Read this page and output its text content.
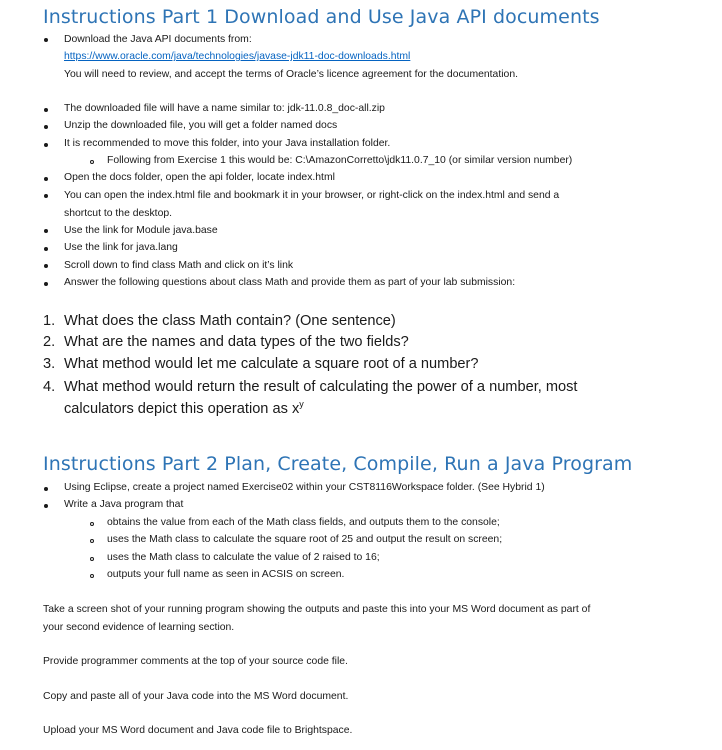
Instructions Part 1 Download and Use Java API documents
Download the Java API documents from:
https://www.oracle.com/java/technologies/javase-jdk11-doc-downloads.html
You will need to review, and accept the terms of Oracle’s licence agreement for the documentation.
The downloaded file will have a name similar to: jdk-11.0.8_doc-all.zip
Unzip the downloaded file, you will get a folder named docs
It is recommended to move this folder, into your Java installation folder.
Following from Exercise 1 this would be: C:\AmazonCorretto\jdk11.0.7_10 (or similar version number)
Open the docs folder, open the api folder, locate index.html
You can open the index.html file and bookmark it in your browser, or right-click on the index.html and send a
shortcut to the desktop.
Use the link for Module java.base
Use the link for java.lang
Scroll down to find class Math and click on it’s link
Answer the following questions about class Math and provide them as part of your lab submission:
1. What does the class Math contain? (One sentence)
2. What are the names and data types of the two fields?
3. What method would let me calculate a square root of a number?
4. What method would return the result of calculating the power of a number, most
calculators depict this operation as $x^y$
Instructions Part 2 Plan, Create, Compile, Run a Java Program
Using Eclipse, create a project named Exercise02 within your CST8116Workspace folder. (See Hybrid 1)
Write a Java program that
obtains the value from each of the Math class fields, and outputs them to the console;
uses the Math class to calculate the square root of 25 and output the result on screen;
uses the Math class to calculate the value of 2 raised to 16;
outputs your full name as seen in ACSIS on screen.
Take a screen shot of your running program showing the outputs and paste this into your MS Word document as part of
your second evidence of learning section.
Provide programmer comments at the top of your source code file.
Copy and paste all of your Java code into the MS Word document.
Upload your MS Word document and Java code file to Brightspace.
